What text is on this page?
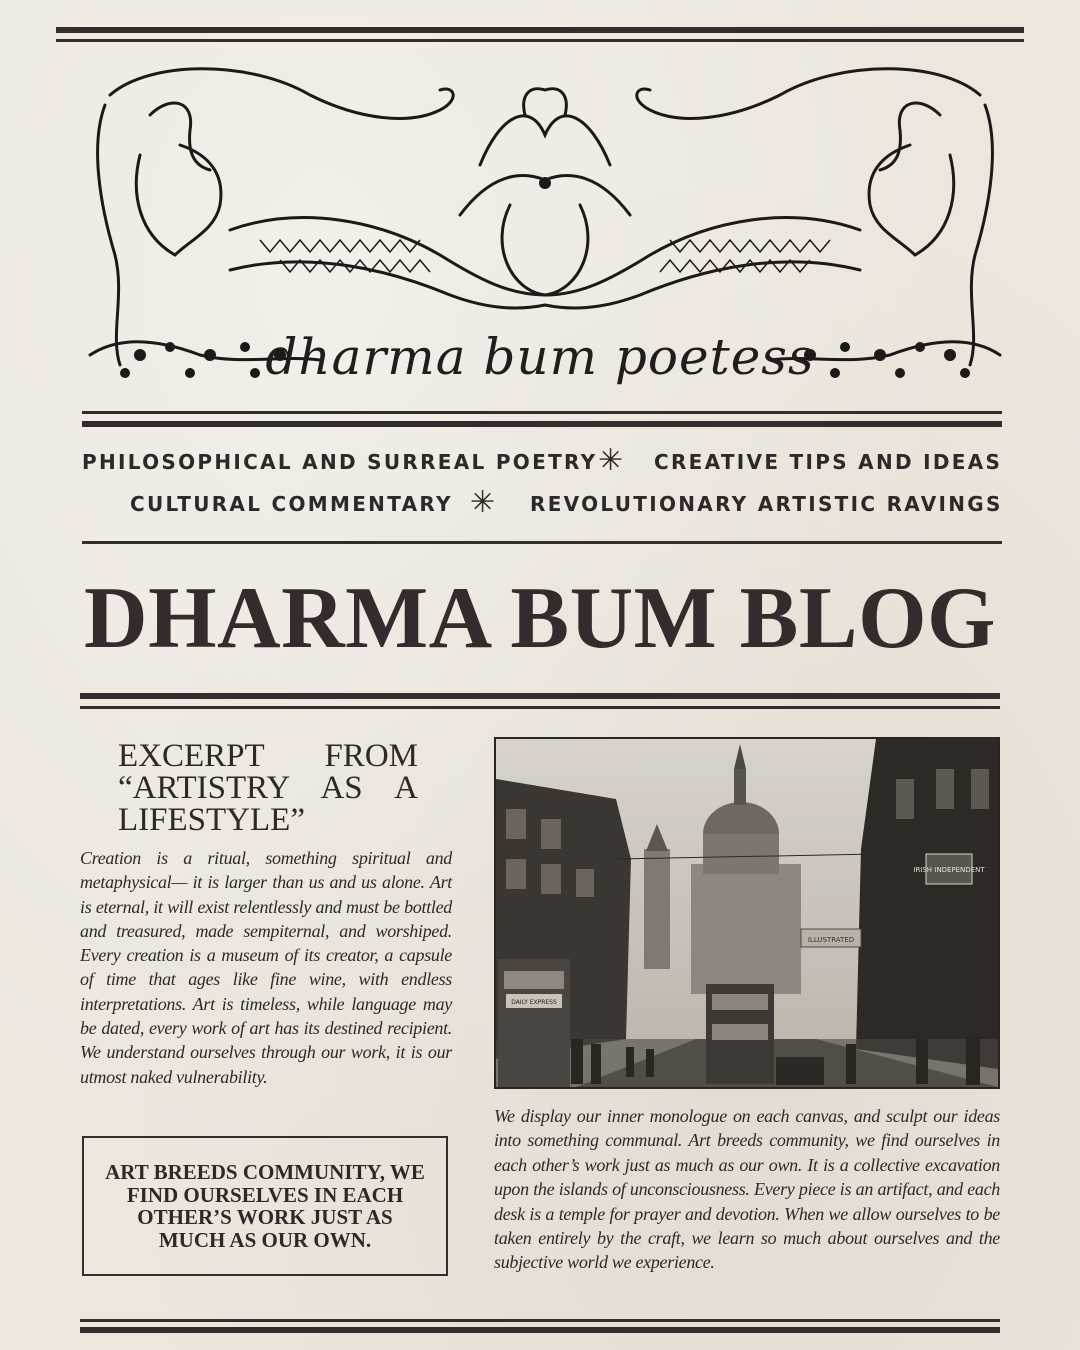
dharma bum poetess
PHILOSOPHICAL AND SURREAL POETRY ✳ CREATIVE TIPS AND IDEAS
CULTURAL COMMENTARY ✳ REVOLUTIONARY ARTISTIC RAVINGS
DHARMA BUM BLOG
EXCERPT FROM “ARTISTRY AS A LIFESTYLE”
Creation is a ritual, something spiritual and metaphysical— it is larger than us and us alone. Art is eternal, it will exist relentlessly and must be bottled and treasured, made sempiternal, and worshiped. Every creation is a museum of its creator, a capsule of time that ages like fine wine, with endless interpretations. Art is timeless, while language may be dated, every work of art has its destined recipient. We understand ourselves through our work, it is our utmost naked vulnerability.
ART BREEDS COMMUNITY, WE FIND OURSELVES IN EACH OTHER’S WORK JUST AS MUCH AS OUR OWN.
IRISH INDEPENDENT
ILLUSTRATED
DAILY EXPRESS
We display our inner monologue on each canvas, and sculpt our ideas into something communal. Art breeds community, we find ourselves in each other’s work just as much as our own. It is a collective excavation upon the islands of unconsciousness. Every piece is an artifact, and each desk is a temple for prayer and devotion. When we allow ourselves to be taken entirely by the craft, we learn so much about ourselves and the subjective world we experience.
